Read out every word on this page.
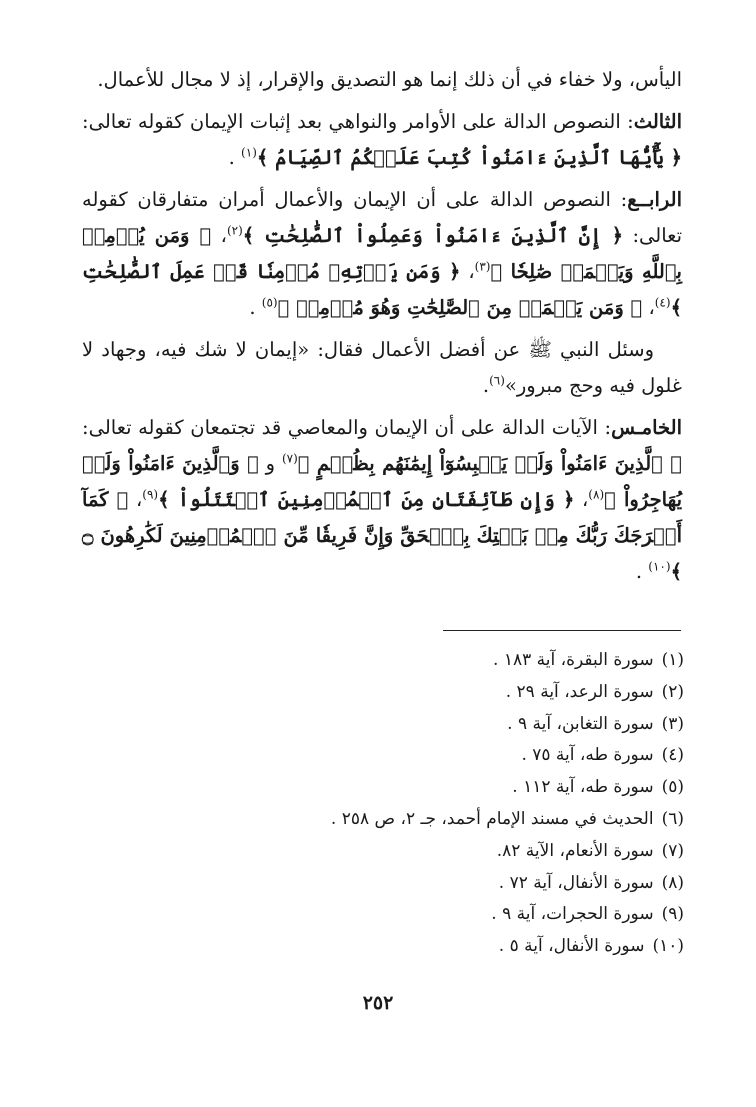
اليأس، ولا خفاء في أن ذلك إنما هو التصديق والإقرار، إذ لا مجال للأعمال.

الثالث: النصوص الدالة على الأوامر والنواهي بعد إثبات الإيمان كقوله تعالى: ﴿ يَٰٓأَيُّهَا ٱلَّذِينَ ءَامَنُواْ كُتِبَ عَلَيۡكُمُ ٱلصِّيَامُ ﴾$^{(١)}$ .

الرابــع: النصوص الدالة على أن الإيمان والأعمال أمران متفارقان كقوله تعالى: ﴿ إِنَّ ٱلَّذِينَ ءَامَنُواْ وَعَمِلُواْ ٱلصَّٰلِحَٰتِ ﴾$^{(٢)}$، ﴿ وَمَن يُؤۡمِنۢ بِٱللَّهِ وَيَعۡمَلۡ صَٰلِحٗا ﴾$^{(٣)}$، ﴿ وَمَن يَأۡتِهِۦ مُؤۡمِنٗا قَدۡ عَمِلَ ٱلصَّٰلِحَٰتِ ﴾$^{(٤)}$، ﴿ وَمَن يَعۡمَلۡ مِنَ ٱلصَّٰلِحَٰتِ وَهُوَ مُؤۡمِنٞ ﴾$^{(٥)}$ .

وسئل النبي ﷺ عن أفضل الأعمال فقال: «إيمان لا شك فيه، وجهاد لا غلول فيه وحج مبرور»$^{(٦)}$.

الخامـس: الآيات الدالة على أن الإيمان والمعاصي قد تجتمعان كقوله تعالى: ﴿ ٱلَّذِينَ ءَامَنُواْ وَلَمۡ يَلۡبِسُوٓاْ إِيمَٰنَهُم بِظُلۡمٍ ﴾$^{(٧)}$ و ﴿ وَٱلَّذِينَ ءَامَنُواْ وَلَمۡ يُهَاجِرُواْ ﴾$^{(٨)}$، ﴿ وَإِن طَآئِفَتَانِ مِنَ ٱلۡمُؤۡمِنِينَ ٱقۡتَتَلُواْ ﴾$^{(٩)}$، ﴿ كَمَآ أَخۡرَجَكَ رَبُّكَ مِنۢ بَيۡتِكَ بِٱلۡحَقِّ وَإِنَّ فَرِيقٗا مِّنَ ٱلۡمُؤۡمِنِينَ لَكَٰرِهُونَ ۝ ﴾$^{(١٠)}$ .

(١)سورة البقرة، آية ١٨٣ .
(٢)سورة الرعد، آية ٢٩ .
(٣)سورة التغابن، آية ٩ .
(٤)سورة طه، آية ٧٥ .
(٥)سورة طه، آية ١١٢ .
(٦)الحديث في مسند الإمام أحمد، جـ ٢، ص ٢٥٨ .
(٧)سورة الأنعام، الآية ٨٢.
(٨)سورة الأنفال، آية ٧٢ .
(٩)سورة الحجرات، آية ٩ .
(١٠)سورة الأنفال، آية ٥ .
٢٥٢
